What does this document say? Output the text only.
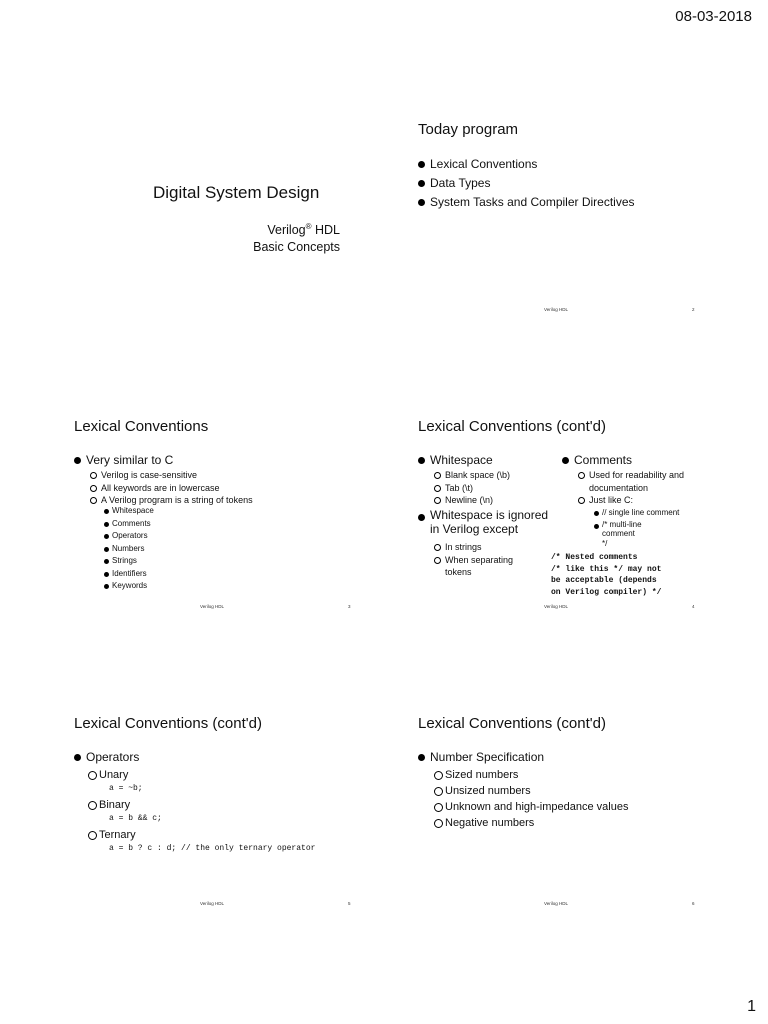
08-03-2018
Digital System Design
Verilog® HDL
Basic Concepts
Today program
Lexical Conventions
Data Types
System Tasks and Compiler Directives
Verilog HDL	2
Lexical Conventions
Very similar to C
Verilog is case-sensitive
All keywords are in lowercase
A Verilog program is a string of tokens
Whitespace
Comments
Operators
Numbers
Strings
Identifiers
Keywords
Verilog HDL	3
Lexical Conventions (cont'd)
Whitespace
Blank space (\b)
Tab (\t)
Newline (\n)
Whitespace is ignored
in Verilog except
In strings
When separating
tokens
Comments
Used for readability and
documentation
Just like C:
// single line comment
/* multi-line
comment
*/
/* Nested comments
/* like this */ may not
be acceptable (depends
on Verilog compiler) */
Verilog HDL	4
Lexical Conventions (cont'd)
Operators
Unary
a = ~b;
Binary
a = b && c;
Ternary
a = b ? c : d; // the only ternary operator
Verilog HDL	5
Lexical Conventions (cont'd)
Number Specification
Sized numbers
Unsized numbers
Unknown and high-impedance values
Negative numbers
Verilog HDL	6
1
